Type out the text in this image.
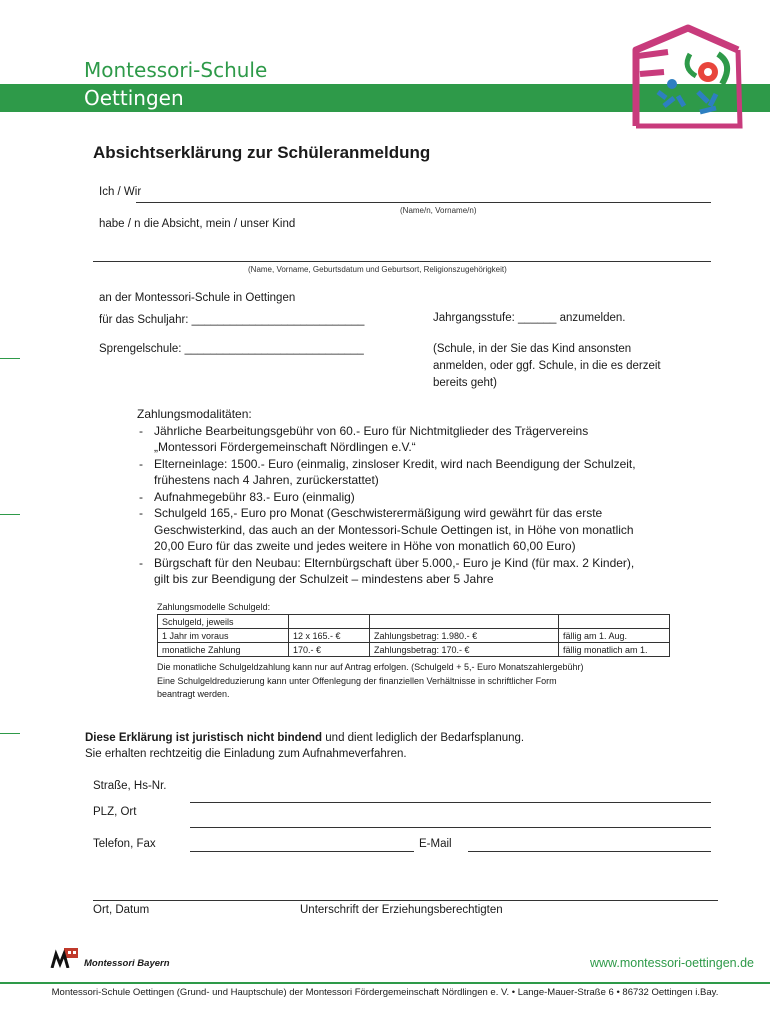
Montessori-Schule
Oettingen
Absichtserklärung zur Schüleranmeldung
Ich / Wir
(Name/n, Vorname/n)
habe / n die Absicht, mein / unser Kind
(Name, Vorname, Geburtsdatum und Geburtsort, Religionszugehörigkeit)
an der Montessori-Schule in Oettingen
für das Schuljahr: ___________________________	Jahrgangsstufe: ______ anzumelden.
Sprengelschule: ____________________________	(Schule, in der Sie das Kind ansonsten
anmelden, oder ggf. Schule, in die es derzeit
bereits geht)
Zahlungsmodalitäten:
- Jährliche Bearbeitungsgebühr von 60.- Euro für Nichtmitglieder des Trägervereins
„Montessori Fördergemeinschaft Nördlingen e.V.“
- Elterneinlage: 1500.- Euro (einmalig, zinsloser Kredit, wird nach Beendigung der Schulzeit,
frühestens nach 4 Jahren, zurückerstattet)
- Aufnahmegebühr 83.- Euro (einmalig)
- Schulgeld 165,- Euro pro Monat (Geschwisterermäßigung wird gewährt für das erste
Geschwisterkind, das auch an der Montessori-Schule Oettingen ist, in Höhe von monatlich
20,00 Euro für das zweite und jedes weitere in Höhe von monatlich 60,00 Euro)
- Bürgschaft für den Neubau: Elternbürgschaft über 5.000,- Euro je Kind (für max. 2 Kinder),
gilt bis zur Beendigung der Schulzeit – mindestens aber 5 Jahre
Zahlungsmodelle Schulgeld:
Schulgeld, jeweils			
1 Jahr im voraus	12 x 165.- €	Zahlungsbetrag: 1.980.- €	fällig am 1. Aug.
monatliche Zahlung	170.- €	Zahlungsbetrag: 170.- €	fällig monatlich am 1.
Die monatliche Schulgeldzahlung kann nur auf Antrag erfolgen. (Schulgeld + 5,- Euro Monatszahlergebühr)
Eine Schulgeldreduzierung kann unter Offenlegung der finanziellen Verhältnisse in schriftlicher Form
beantragt werden.
Diese Erklärung ist juristisch nicht bindend und dient lediglich der Bedarfsplanung.
Sie erhalten rechtzeitig die Einladung zum Aufnahmeverfahren.
Straße, Hs-Nr.
PLZ, Ort
Telefon, Fax	E-Mail
Ort, Datum	Unterschrift der Erziehungsberechtigten
Montessori Bayern	www.montessori-oettingen.de
Montessori-Schule Oettingen (Grund- und Hauptschule) der Montessori Fördergemeinschaft Nördlingen e. V. • Lange-Mauer-Straße 6 • 86732 Oettingen i.Bay.
